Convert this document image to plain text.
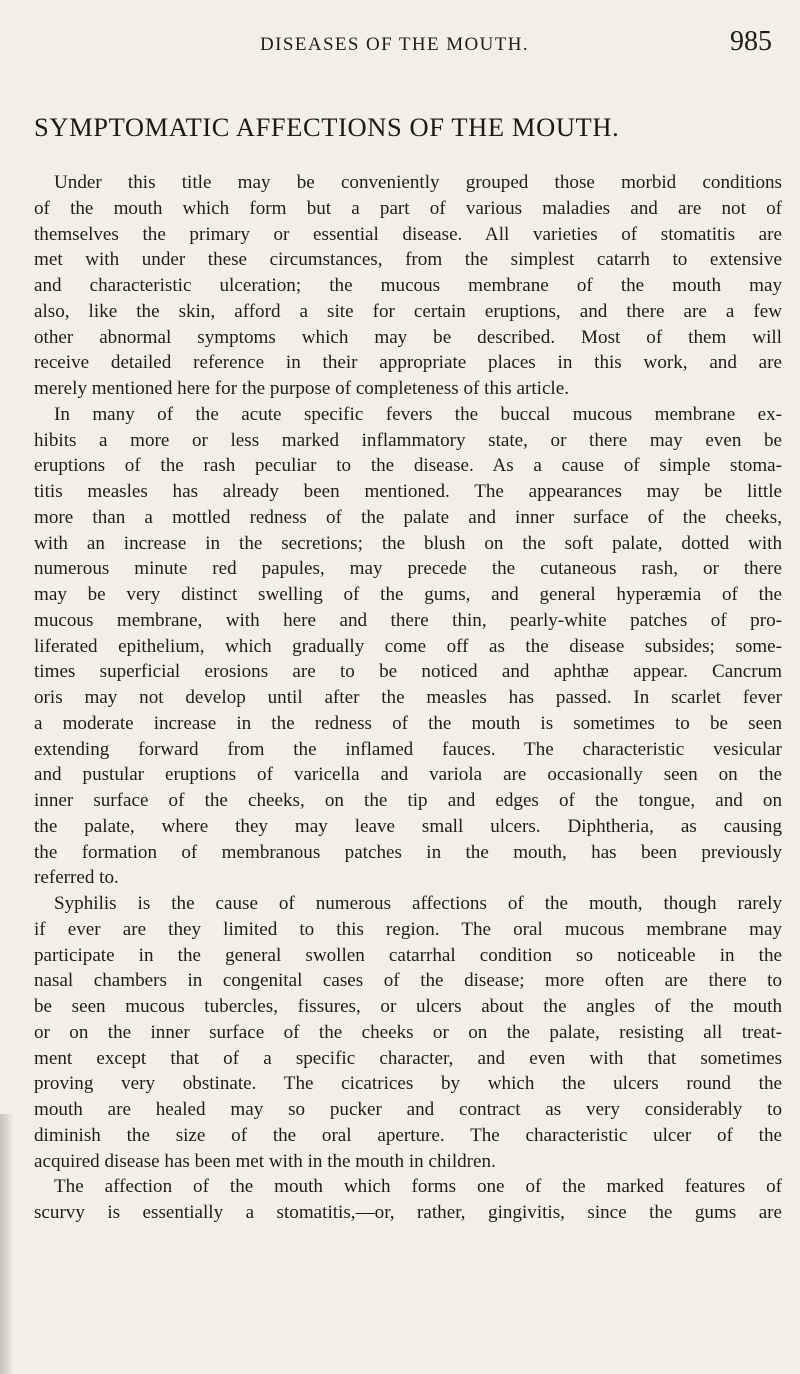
DISEASES OF THE MOUTH.	985
SYMPTOMATIC AFFECTIONS OF THE MOUTH.
Under this title may be conveniently grouped those morbid conditions
of the mouth which form but a part of various maladies and are not of
themselves the primary or essential disease. All varieties of stomatitis are
met with under these circumstances, from the simplest catarrh to extensive
and characteristic ulceration; the mucous membrane of the mouth may
also, like the skin, afford a site for certain eruptions, and there are a few
other abnormal symptoms which may be described. Most of them will
receive detailed reference in their appropriate places in this work, and are
merely mentioned here for the purpose of completeness of this article.
In many of the acute specific fevers the buccal mucous membrane ex-
hibits a more or less marked inflammatory state, or there may even be
eruptions of the rash peculiar to the disease. As a cause of simple stoma-
titis measles has already been mentioned. The appearances may be little
more than a mottled redness of the palate and inner surface of the cheeks,
with an increase in the secretions; the blush on the soft palate, dotted with
numerous minute red papules, may precede the cutaneous rash, or there
may be very distinct swelling of the gums, and general hyperæmia of the
mucous membrane, with here and there thin, pearly-white patches of pro-
liferated epithelium, which gradually come off as the disease subsides; some-
times superficial erosions are to be noticed and aphthæ appear. Cancrum
oris may not develop until after the measles has passed. In scarlet fever
a moderate increase in the redness of the mouth is sometimes to be seen
extending forward from the inflamed fauces. The characteristic vesicular
and pustular eruptions of varicella and variola are occasionally seen on the
inner surface of the cheeks, on the tip and edges of the tongue, and on
the palate, where they may leave small ulcers. Diphtheria, as causing
the formation of membranous patches in the mouth, has been previously
referred to.
Syphilis is the cause of numerous affections of the mouth, though rarely
if ever are they limited to this region. The oral mucous membrane may
participate in the general swollen catarrhal condition so noticeable in the
nasal chambers in congenital cases of the disease; more often are there to
be seen mucous tubercles, fissures, or ulcers about the angles of the mouth
or on the inner surface of the cheeks or on the palate, resisting all treat-
ment except that of a specific character, and even with that sometimes
proving very obstinate. The cicatrices by which the ulcers round the
mouth are healed may so pucker and contract as very considerably to
diminish the size of the oral aperture. The characteristic ulcer of the
acquired disease has been met with in the mouth in children.
The affection of the mouth which forms one of the marked features of
scurvy is essentially a stomatitis,—or, rather, gingivitis, since the gums are
